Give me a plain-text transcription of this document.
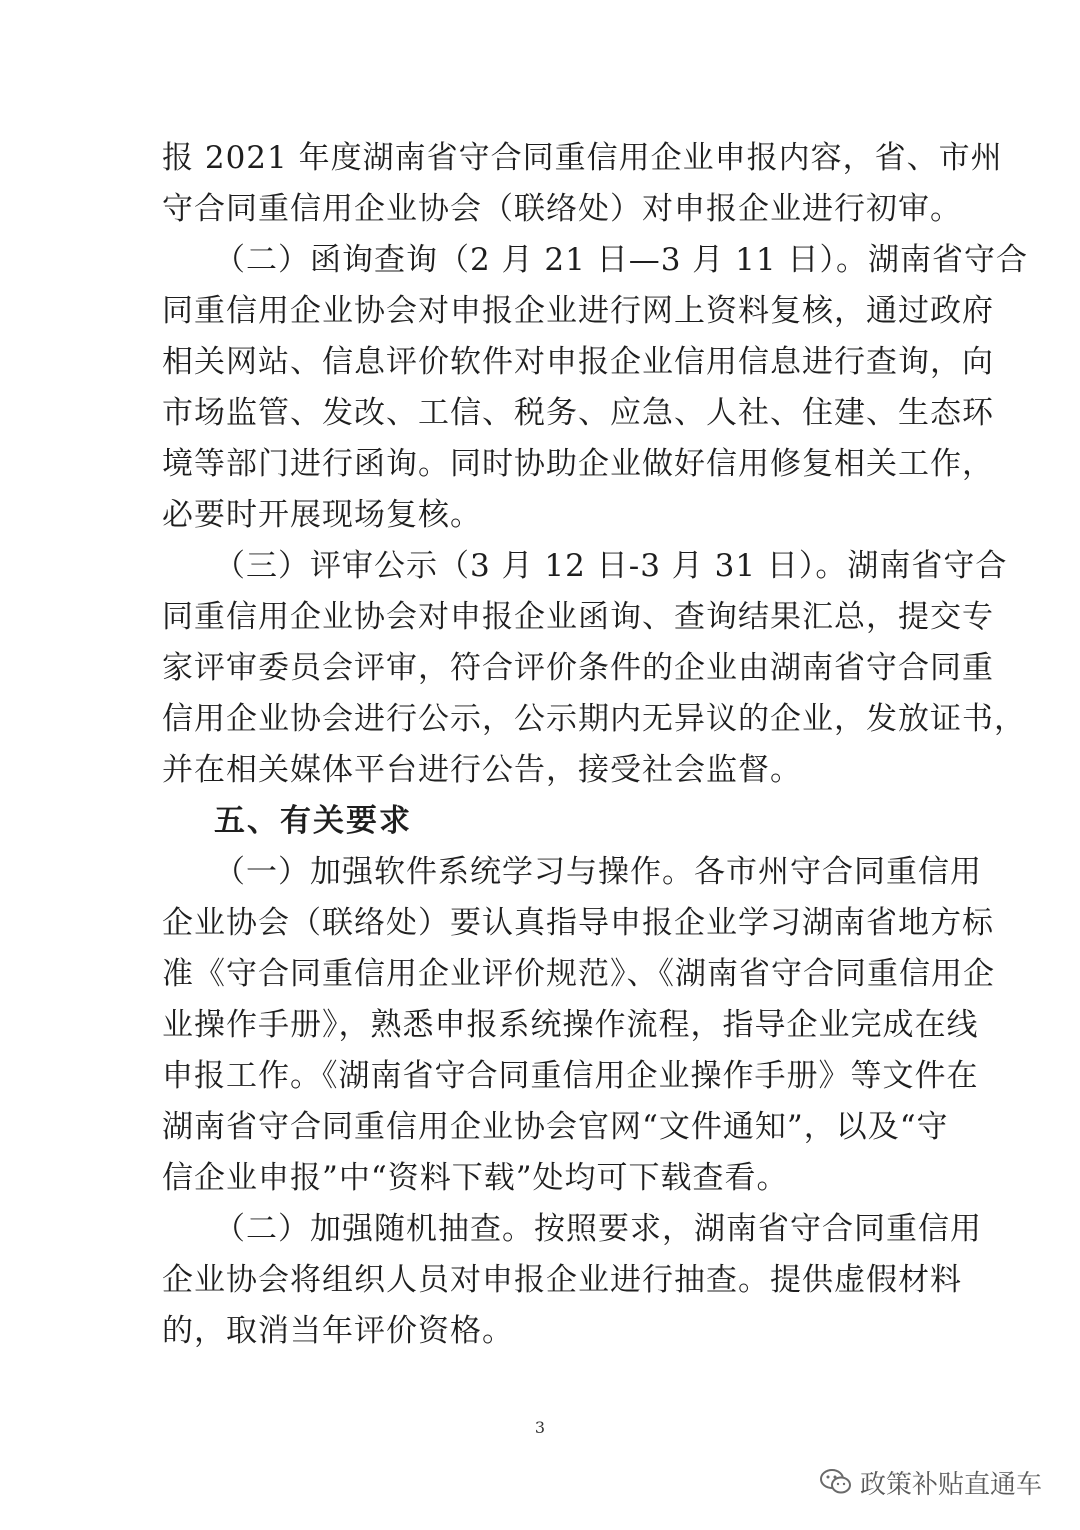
报 2021 年度湖南省守合同重信用企业申报内容，省、市州
守合同重信用企业协会（联络处）对申报企业进行初审。
（二）函询查询（2 月 21 日—3 月 11 日）。湖南省守合
同重信用企业协会对申报企业进行网上资料复核，通过政府
相关网站、信息评价软件对申报企业信用信息进行查询，向
市场监管、发改、工信、税务、应急、人社、住建、生态环
境等部门进行函询。同时协助企业做好信用修复相关工作，
必要时开展现场复核。
（三）评审公示（3 月 12 日-3 月 31 日）。湖南省守合
同重信用企业协会对申报企业函询、查询结果汇总，提交专
家评审委员会评审，符合评价条件的企业由湖南省守合同重
信用企业协会进行公示，公示期内无异议的企业，发放证书，
并在相关媒体平台进行公告，接受社会监督。
五、有关要求
（一）加强软件系统学习与操作。各市州守合同重信用
企业协会（联络处）要认真指导申报企业学习湖南省地方标
准《守合同重信用企业评价规范》、《湖南省守合同重信用企
业操作手册》，熟悉申报系统操作流程，指导企业完成在线
申报工作。《湖南省守合同重信用企业操作手册》等文件在
湖南省守合同重信用企业协会官网“文件通知”，以及“守
信企业申报”中“资料下载”处均可下载查看。
（二）加强随机抽查。按照要求，湖南省守合同重信用
企业协会将组织人员对申报企业进行抽查。提供虚假材料
的，取消当年评价资格。
3
政策补贴直通车
